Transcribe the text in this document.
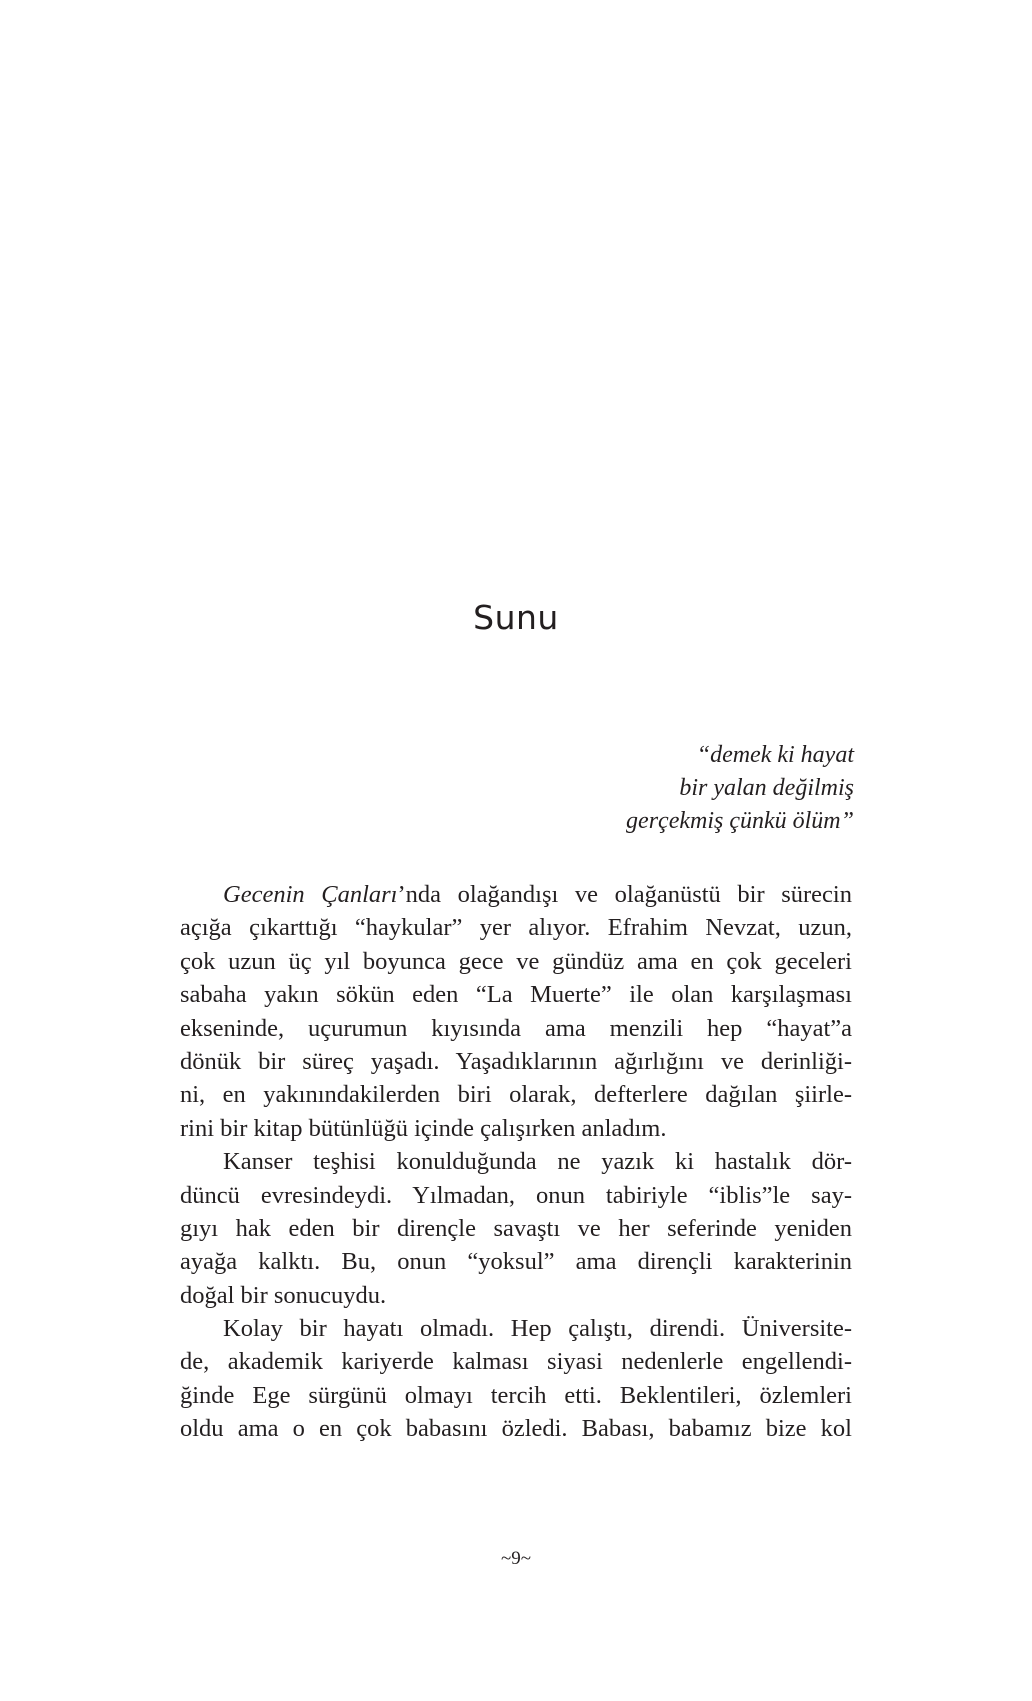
Sunu
“demek ki hayat
bir yalan değilmiş
gerçekmiş çünkü ölüm”

Gecenin Çanları’nda olağandışı ve olağanüstü bir sürecin
açığa çıkarttığı “haykular” yer alıyor. Efrahim Nevzat, uzun,
çok uzun üç yıl boyunca gece ve gündüz ama en çok geceleri
sabaha yakın sökün eden “La Muerte” ile olan karşılaşması
ekseninde, uçurumun kıyısında ama menzili hep “hayat”a
dönük bir süreç yaşadı. Yaşadıklarının ağırlığını ve derinliği-
ni, en yakınındakilerden biri olarak, defterlere dağılan şiirle-
rini bir kitap bütünlüğü içinde çalışırken anladım.

Kanser teşhisi konulduğunda ne yazık ki hastalık dör-
düncü evresindeydi. Yılmadan, onun tabiriyle “iblis”le say-
gıyı hak eden bir dirençle savaştı ve her seferinde yeniden
ayağa kalktı. Bu, onun “yoksul” ama dirençli karakterinin
doğal bir sonucuydu.

Kolay bir hayatı olmadı. Hep çalıştı, direndi. Üniversite-
de, akademik kariyerde kalması siyasi nedenlerle engellendi-
ğinde Ege sürgünü olmayı tercih etti. Beklentileri, özlemleri
oldu ama o en çok babasını özledi. Babası, babamız bize kol

~9~
